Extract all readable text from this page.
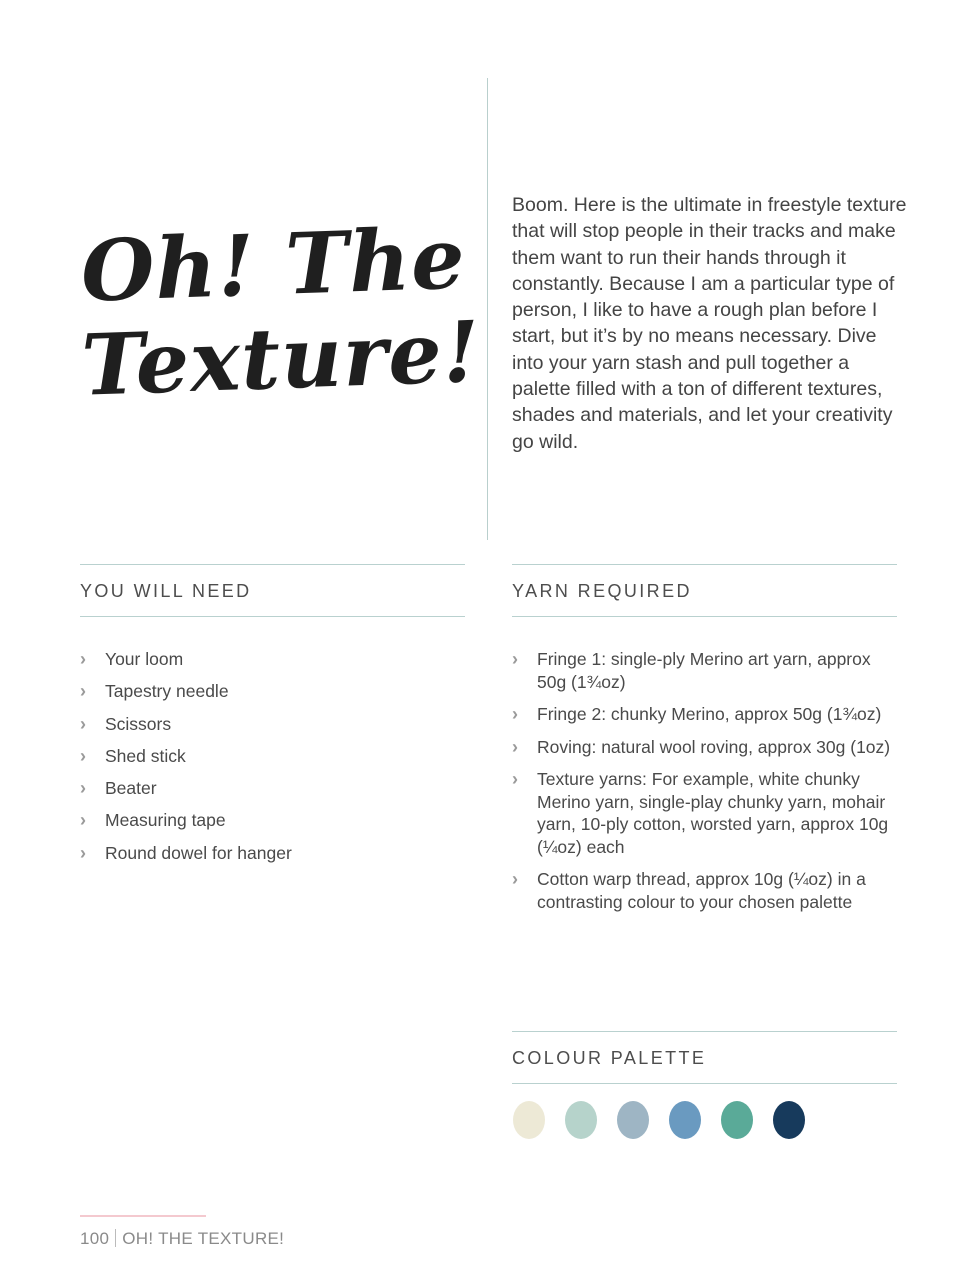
Oh! The
Texture!

Boom. Here is the ultimate in freestyle texture that will stop people in their tracks and make them want to run their hands through it constantly. Because I am a particular type of person, I like to have a rough plan before I start, but it’s by no means necessary. Dive into your yarn stash and pull together a palette filled with a ton of different textures, shades and materials, and let your creativity go wild.

YOU WILL NEED
› Your loom
› Tapestry needle
› Scissors
› Shed stick
› Beater
› Measuring tape
› Round dowel for hanger
YARN REQUIRED
› Fringe 1: single-ply Merino art yarn, approx 50g (1¾oz)
› Fringe 2: chunky Merino, approx 50g (1¾oz)
› Roving: natural wool roving, approx 30g (1oz)
› Texture yarns: For example, white chunky Merino yarn, single-play chunky yarn, mohair yarn, 10-ply cotton, worsted yarn, approx 10g (¼oz) each
› Cotton warp thread, approx 10g (¼oz) in a contrasting colour to your chosen palette
COLOUR PALETTE
100 OH! THE TEXTURE!
